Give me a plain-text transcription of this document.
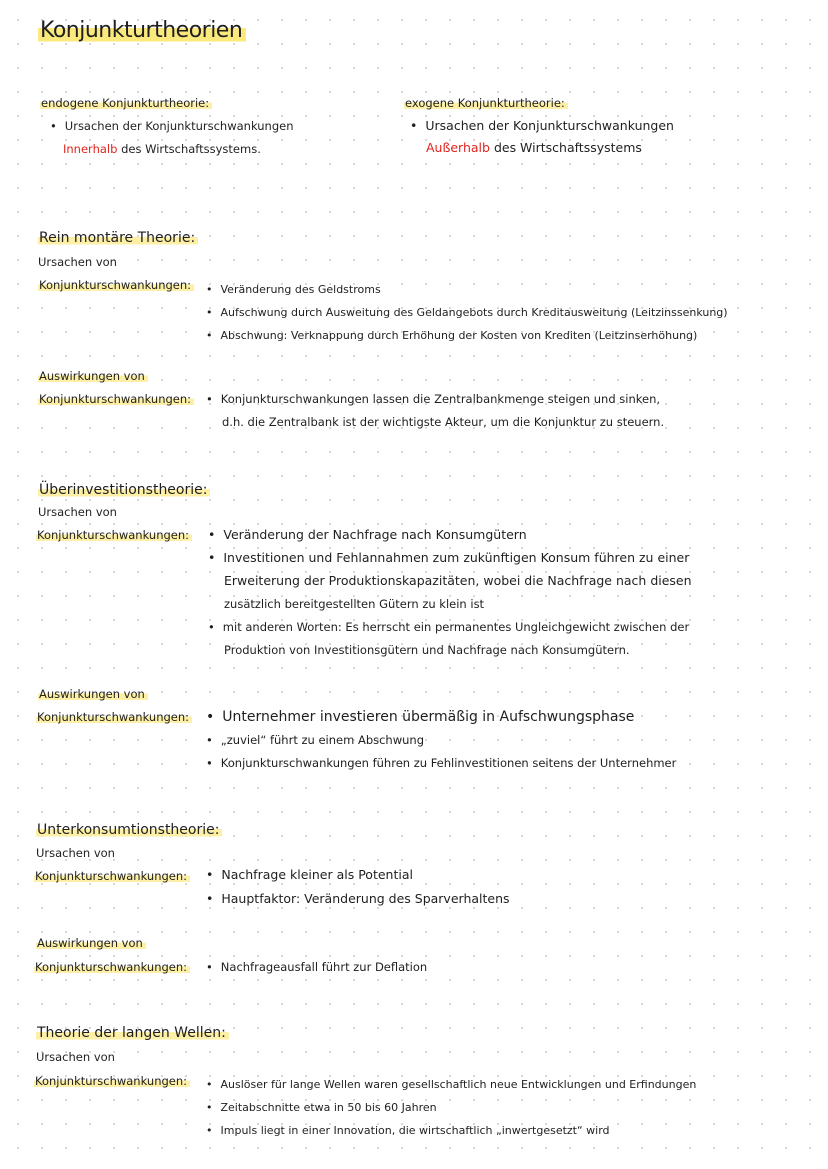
Konjunkturtheorien
endogene Konjunkturtheorie:
• Ursachen der Konjunkturschwankungen
Innerhalb des Wirtschaftssystems.
exogene Konjunkturtheorie:
• Ursachen der Konjunkturschwankungen
Außerhalb des Wirtschaftssystems
Rein montäre Theorie:
Ursachen von
Konjunkturschwankungen:	• Veränderung des Geldstroms
• Aufschwung durch Ausweitung des Geldangebots durch Kreditausweitung (Leitzinssenkung)
• Abschwung: Verknappung durch Erhöhung der Kosten von Krediten (Leitzinserhöhung)
Auswirkungen von
Konjunkturschwankungen:	• Konjunkturschwankungen lassen die Zentralbankmenge steigen und sinken,
d.h. die Zentralbank ist der wichtigste Akteur, um die Konjunktur zu steuern.
Überinvestitionstheorie:
Ursachen von
Konjunkturschwankungen:	• Veränderung der Nachfrage nach Konsumgütern
• Investitionen und Fehlannahmen zum zukünftigen Konsum führen zu einer
Erweiterung der Produktionskapazitäten, wobei die Nachfrage nach diesen
zusätzlich bereitgestellten Gütern zu klein ist
• mit anderen Worten: Es herrscht ein permanentes Ungleichgewicht zwischen der
Produktion von Investitionsgütern und Nachfrage nach Konsumgütern.
Auswirkungen von
Konjunkturschwankungen:	• Unternehmer investieren übermäßig in Aufschwungsphase
• „zuviel“ führt zu einem Abschwung
• Konjunkturschwankungen führen zu Fehlinvestitionen seitens der Unternehmer
Unterkonsumtionstheorie:
Ursachen von
Konjunkturschwankungen:	• Nachfrage kleiner als Potential
• Hauptfaktor: Veränderung des Sparverhaltens
Auswirkungen von
Konjunkturschwankungen:	• Nachfrageausfall führt zur Deflation
Theorie der langen Wellen:
Ursachen von
Konjunkturschwankungen:	• Auslöser für lange Wellen waren gesellschaftlich neue Entwicklungen und Erfindungen
• Zeitabschnitte etwa in 50 bis 60 Jahren
• Impuls liegt in einer Innovation, die wirtschaftlich „inwertgesetzt“ wird
